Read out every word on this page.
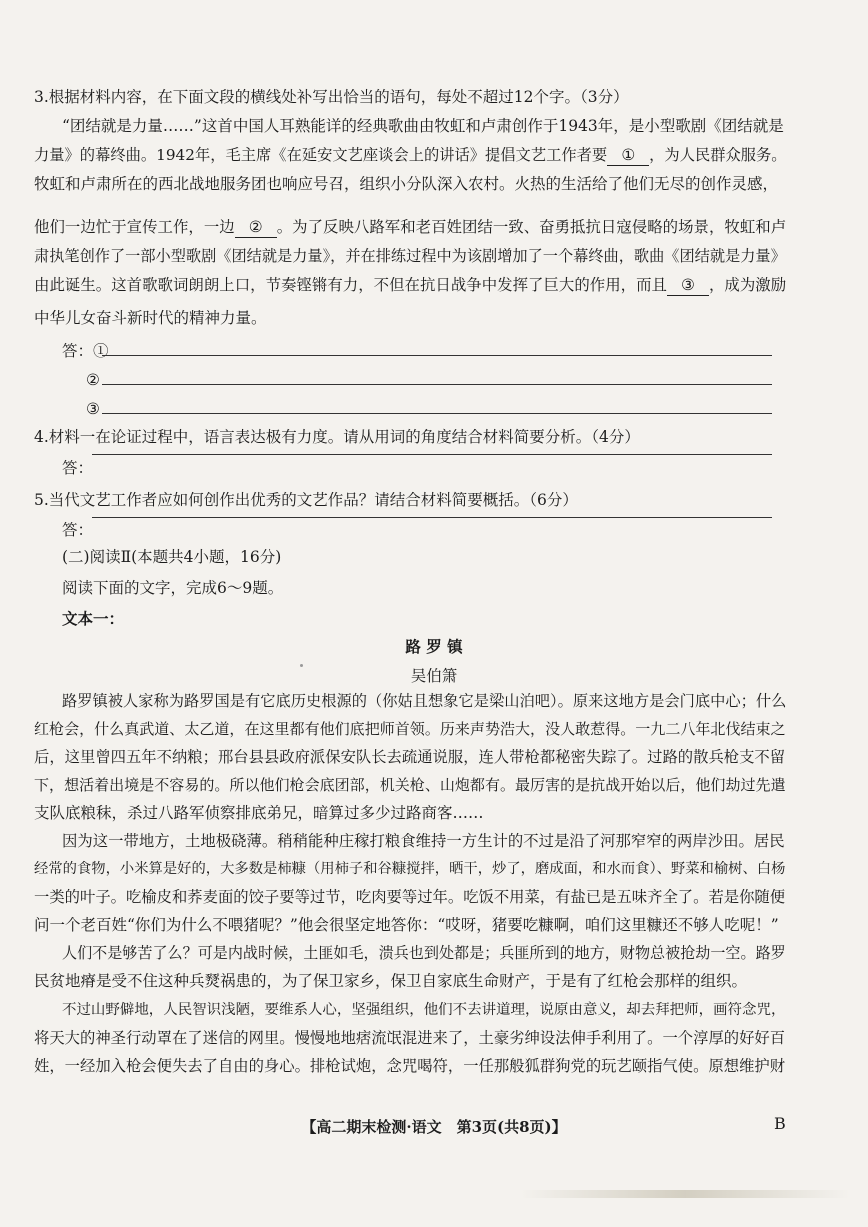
3.根据材料内容，在下面文段的横线处补写出恰当的语句，每处不超过12个字。（3分）
“团结就是力量……”这首中国人耳熟能详的经典歌曲由牧虹和卢肃创作于1943年，是小型歌剧《团结就是
力量》的幕终曲。1942年，毛主席《在延安文艺座谈会上的讲话》提倡文艺工作者要 ① ，为人民群众服务。
牧虹和卢肃所在的西北战地服务团也响应号召，组织小分队深入农村。火热的生活给了他们无尽的创作灵感，
他们一边忙于宣传工作，一边 ② 。为了反映八路军和老百姓团结一致、奋勇抵抗日寇侵略的场景，牧虹和卢
肃执笔创作了一部小型歌剧《团结就是力量》，并在排练过程中为该剧增加了一个幕终曲，歌曲《团结就是力量》
由此诞生。这首歌歌词朗朗上口，节奏铿锵有力，不但在抗日战争中发挥了巨大的作用，而且 ③ ，成为激励
中华儿女奋斗新时代的精神力量。
答：①
②
③
4.材料一在论证过程中，语言表达极有力度。请从用词的角度结合材料简要分析。（4分）
答：
5.当代文艺工作者应如何创作出优秀的文艺作品？请结合材料简要概括。（6分）
答：
(二)阅读Ⅱ(本题共4小题，16分)
阅读下面的文字，完成6～9题。
文本一：
路 罗 镇
吴伯箫
路罗镇被人家称为路罗国是有它底历史根源的（你姑且想象它是梁山泊吧）。原来这地方是会门底中心；什么
红枪会，什么真武道、太乙道，在这里都有他们底把师首领。历来声势浩大，没人敢惹得。一九二八年北伐结束之
后，这里曾四五年不纳粮；邢台县县政府派保安队长去疏通说服，连人带枪都秘密失踪了。过路的散兵枪支不留
下，想活着出境是不容易的。所以他们枪会底团部，机关枪、山炮都有。最厉害的是抗战开始以后，他们劫过先遣
支队底粮秣，杀过八路军侦察排底弟兄，暗算过多少过路商客……
因为这一带地方，土地极硗薄。稍稍能种庄稼打粮食维持一方生计的不过是沿了河那窄窄的两岸沙田。居民
经常的食物，小米算是好的，大多数是柿糠（用柿子和谷糠搅拌，晒干，炒了，磨成面，和水而食）、野菜和榆树、白杨
一类的叶子。吃榆皮和荞麦面的饺子要等过节，吃肉要等过年。吃饭不用菜，有盐已是五味齐全了。若是你随便
问一个老百姓“你们为什么不喂猪呢？”他会很坚定地答你：“哎呀，猪要吃糠啊，咱们这里糠还不够人吃呢！”
人们不是够苦了么？可是内战时候，土匪如毛，溃兵也到处都是；兵匪所到的地方，财物总被抢劫一空。路罗
民贫地瘠是受不住这种兵燹祸患的，为了保卫家乡，保卫自家底生命财产，于是有了红枪会那样的组织。
不过山野僻地，人民智识浅陋，要维系人心，坚强组织，他们不去讲道理，说原由意义，却去拜把师，画符念咒，
将天大的神圣行动罩在了迷信的网里。慢慢地地痞流氓混进来了，土豪劣绅设法伸手利用了。一个淳厚的好好百
姓，一经加入枪会便失去了自由的身心。排枪试炮，念咒喝符，一任那般狐群狗党的玩艺颐指气使。原想维护财
【高二期末检测·语文　第3页(共8页)】	B
